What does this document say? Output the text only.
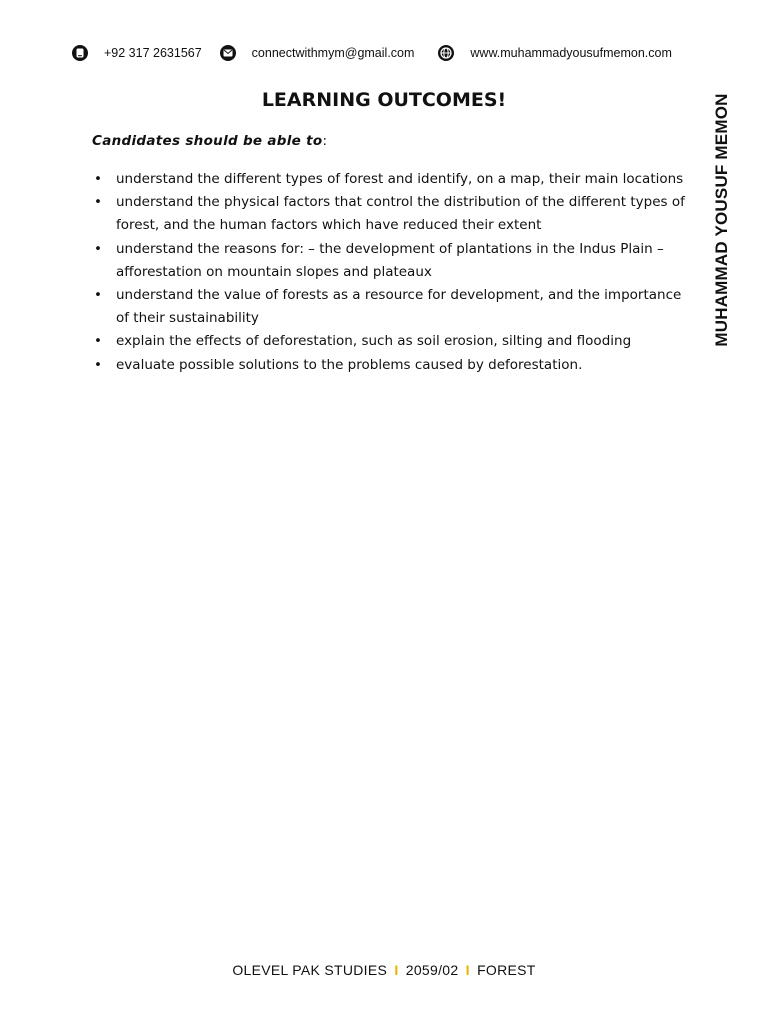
+92 317 2631567	connectwithmym@gmail.com	www.muhammadyousufmemon.com
MUHAMMAD YOUSUF MEMON
LEARNING OUTCOMES!
Candidates should be able to:
• understand the different types of forest and identify, on a map, their main locations
• understand the physical factors that control the distribution of the different types of forest, and the human factors which have reduced their extent
• understand the reasons for: – the development of plantations in the Indus Plain – afforestation on mountain slopes and plateaux
• understand the value of forests as a resource for development, and the importance of their sustainability
• explain the effects of deforestation, such as soil erosion, silting and flooding
• evaluate possible solutions to the problems caused by deforestation.
OLEVEL PAK STUDIES I 2059/02 I FOREST
